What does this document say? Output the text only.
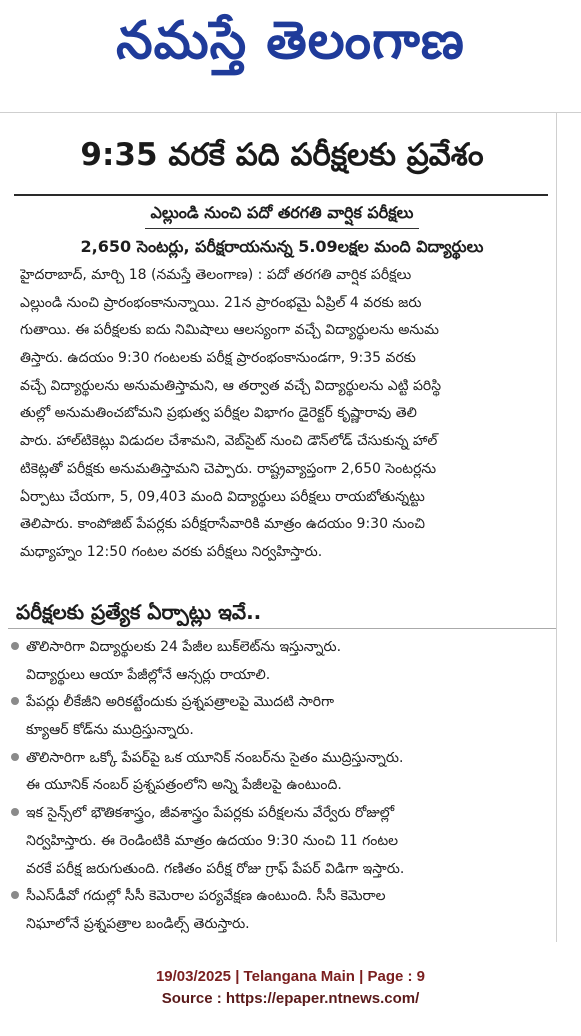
నమస్తే తెలంగాణ
9:35 వరకే పది పరీక్షలకు ప్రవేశం
ఎల్లుండి నుంచి పదో తరగతి వార్షిక పరీక్షలు
2,650 సెంటర్లు, పరీక్షరాయనున్న 5.09లక్షల మంది విద్యార్థులు
హైదరాబాద్, మార్చి 18 (నమస్తే తెలంగాణ) : పదో తరగతి వార్షిక పరీక్షలు
ఎల్లుండి నుంచి ప్రారంభంకానున్నాయి. 21న ప్రారంభమై ఏప్రిల్ 4 వరకు జరు
గుతాయి. ఈ పరీక్షలకు ఐదు నిమిషాలు ఆలస్యంగా వచ్చే విద్యార్థులను అనుమ
తిస్తారు. ఉదయం 9:30 గంటలకు పరీక్ష ప్రారంభంకానుండగా, 9:35 వరకు
వచ్చే విద్యార్థులను అనుమతిస్తామని, ఆ తర్వాత వచ్చే విద్యార్థులను ఎట్టి పరిస్థి
తుల్లో అనుమతించబోమని ప్రభుత్వ పరీక్షల విభాగం డైరెక్టర్ కృష్ణారావు తెలి
పారు. హాల్‌టికెట్లు విడుదల చేశామని, వెబ్‌సైట్ నుంచి డౌన్‌లోడ్ చేసుకున్న హాల్
టికెట్లతో పరీక్షకు అనుమతిస్తామని చెప్పారు. రాష్ట్రవ్యాప్తంగా 2,650 సెంటర్లను
ఏర్పాటు చేయగా, 5, 09,403 మంది విద్యార్థులు పరీక్షలు రాయబోతున్నట్టు
తెలిపారు. కాంపోజిట్ పేపర్లకు పరీక్షరాసేవారికి మాత్రం ఉదయం 9:30 నుంచి
మధ్యాహ్నం 12:50 గంటల వరకు పరీక్షలు నిర్వహిస్తారు.
పరీక్షలకు ప్రత్యేక ఏర్పాట్లు ఇవే..
తొలిసారిగా విద్యార్థులకు 24 పేజీల బుక్‌లెట్‌ను ఇస్తున్నారు.
విద్యార్థులు ఆయా పేజీల్లోనే ఆన్సర్లు రాయాలి.
పేపర్లు లీకేజీని అరికట్టేందుకు ప్రశ్నపత్రాలపై మొదటి సారిగా
క్యూఆర్ కోడ్‌ను ముద్రిస్తున్నారు.
తొలిసారిగా ఒక్కో పేపర్‌పై ఒక యూనిక్ నంబర్‌ను సైతం ముద్రిస్తున్నారు.
ఈ యూనిక్ నంబర్ ప్రశ్నపత్రంలోని అన్ని పేజీలపై ఉంటుంది.
ఇక సైన్స్‌లో భౌతికశాస్త్రం, జీవశాస్త్రం పేపర్లకు పరీక్షలను వేర్వేరు రోజుల్లో
నిర్వహిస్తారు. ఈ రెండింటికి మాత్రం ఉదయం 9:30 నుంచి 11 గంటల
వరకే పరీక్ష జరుగుతుంది. గణితం పరీక్ష రోజు గ్రాఫ్ పేపర్ విడిగా ఇస్తారు.
సీఎస్‌డీవో గదుల్లో సీసీ కెమెరాల పర్యవేక్షణ ఉంటుంది. సీసీ కెమెరాల
నిఘాలోనే ప్రశ్నపత్రాల బండిల్స్ తెరుస్తారు.
19/03/2025 | Telangana Main | Page : 9
Source : https://epaper.ntnews.com/
